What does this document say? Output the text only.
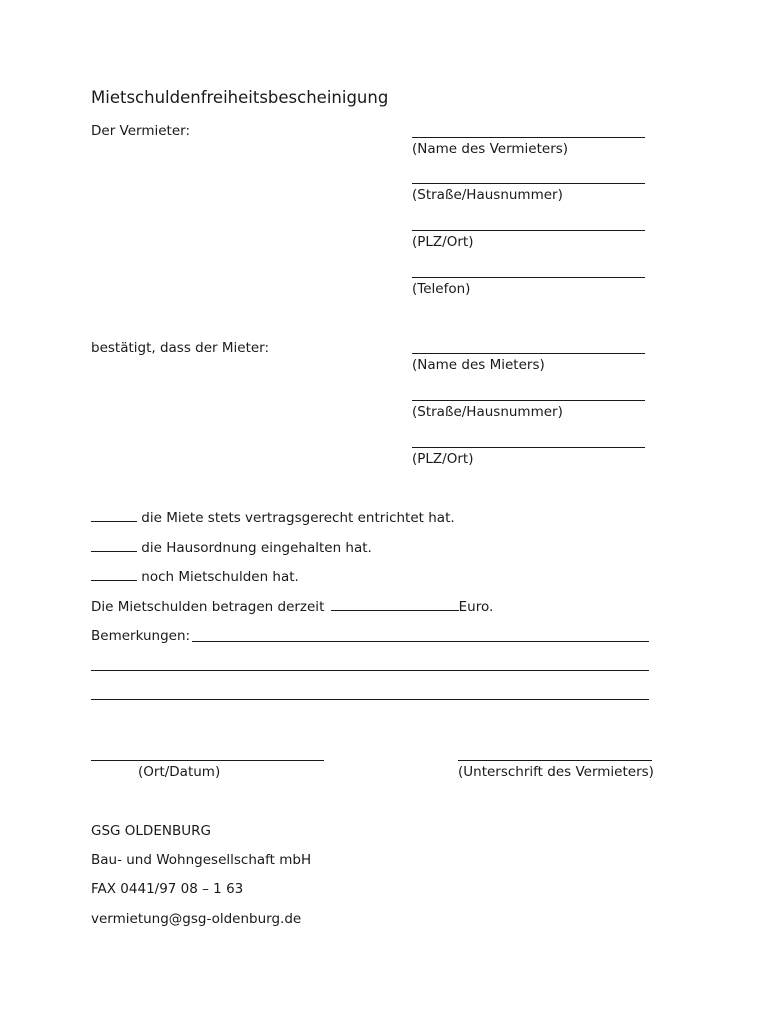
Mietschuldenfreiheitsbescheinigung
Der Vermieter:
(Name des Vermieters)
(Straße/Hausnummer)
(PLZ/Ort)
(Telefon)
bestätigt, dass der Mieter:
(Name des Mieters)
(Straße/Hausnummer)
(PLZ/Ort)
die Miete stets vertragsgerecht entrichtet hat.
die Hausordnung eingehalten hat.
noch Mietschulden hat.
Die Mietschulden betragen derzeit	Euro.
Bemerkungen:
(Ort/Datum)	(Unterschrift des Vermieters)
GSG OLDENBURG
Bau- und Wohngesellschaft mbH
FAX 0441/97 08 – 1 63
vermietung@gsg-oldenburg.de
